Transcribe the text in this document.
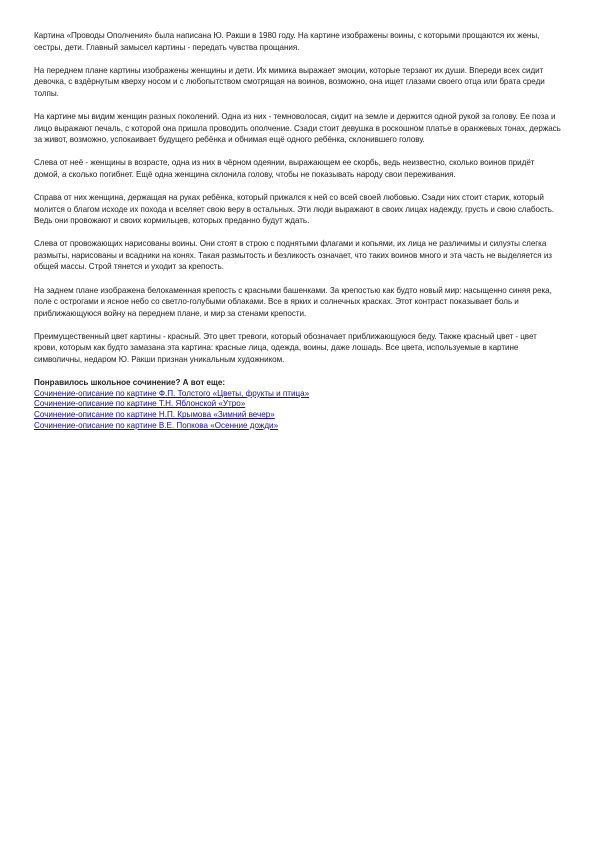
Картина «Проводы Ополчения» была написана Ю. Ракши в 1980 году. На картине изображены воины, с которыми прощаются их жены, сестры, дети. Главный замысел картины - передать чувства прощания.

На переднем плане картины изображены женщины и дети. Их мимика выражает эмоции, которые терзают их души. Впереди всех сидит девочка, с вздёрнутым кверху носом и с любопытством смотрящая на воинов, возможно, она ищет глазами своего отца или брата среди толпы.

На картине мы видим женщин разных поколений. Одна из них - темноволосая, сидит на земле и держится одной рукой за голову. Ее поза и лицо выражают печаль, с которой она пришла проводить ополчение. Сзади стоит девушка в роскошном платье в оранжевых тонах, держась за живот, возможно, успокаивает будущего ребёнка и обнимая ещё одного ребёнка, склонившего голову.

Слева от неё - женщины в возрасте, одна из них в чёрном одеянии, выражающем ее скорбь, ведь неизвестно, сколько воинов придёт домой, а сколько погибнет. Ещё одна женщина склонила голову, чтобы не показывать народу свои переживания.

Справа от них женщина, держащая на руках ребёнка, который прижался к ней со всей своей любовью. Сзади них стоит старик, который молится о благом исходе их похода и вселяет свою веру в остальных. Эти люди выражают в своих лицах надежду, грусть и свою слабость. Ведь они провожают и своих кормильцев, которых преданно будут ждать.

Слева от провожающих нарисованы воины. Они стоят в строю с поднятыми флагами и копьями, их лица не различимы и силуэты слегка размыты, нарисованы и всадники на конях. Такая размытость и безликость означает, что таких воинов много и эта часть не выделяется из общей массы. Строй тянется и уходит за крепость.

На заднем плане изображена белокаменная крепость с красными башенками. За крепостью как будто новый мир: насыщенно синяя река, поле с острогами и ясное небо со светло-голубыми облаками. Все в ярких и солнечных красках. Этот контраст показывает боль и приближающуюся войну на переднем плане, и мир за стенами крепости.

Преимущественный цвет картины - красный. Это цвет тревоги, который обозначает приближающуюся беду. Также красный цвет - цвет крови, которым как будто замазана эта картина: красные лица, одежда, воины, даже лошадь. Все цвета, используемые в картине символичны, недаром Ю. Ракши признан уникальным художником.

Понравилось школьное сочинение? А вот еще:

Сочинение-описание по картине Ф.П. Толстого «Цветы, фрукты и птица»
Сочинение-описание по картине Т.Н. Яблонской «Утро»
Сочинение-описание по картине Н.П. Крымова «Зимний вечер»
Сочинение-описание по картине В.Е. Попкова «Осенние дожди»
